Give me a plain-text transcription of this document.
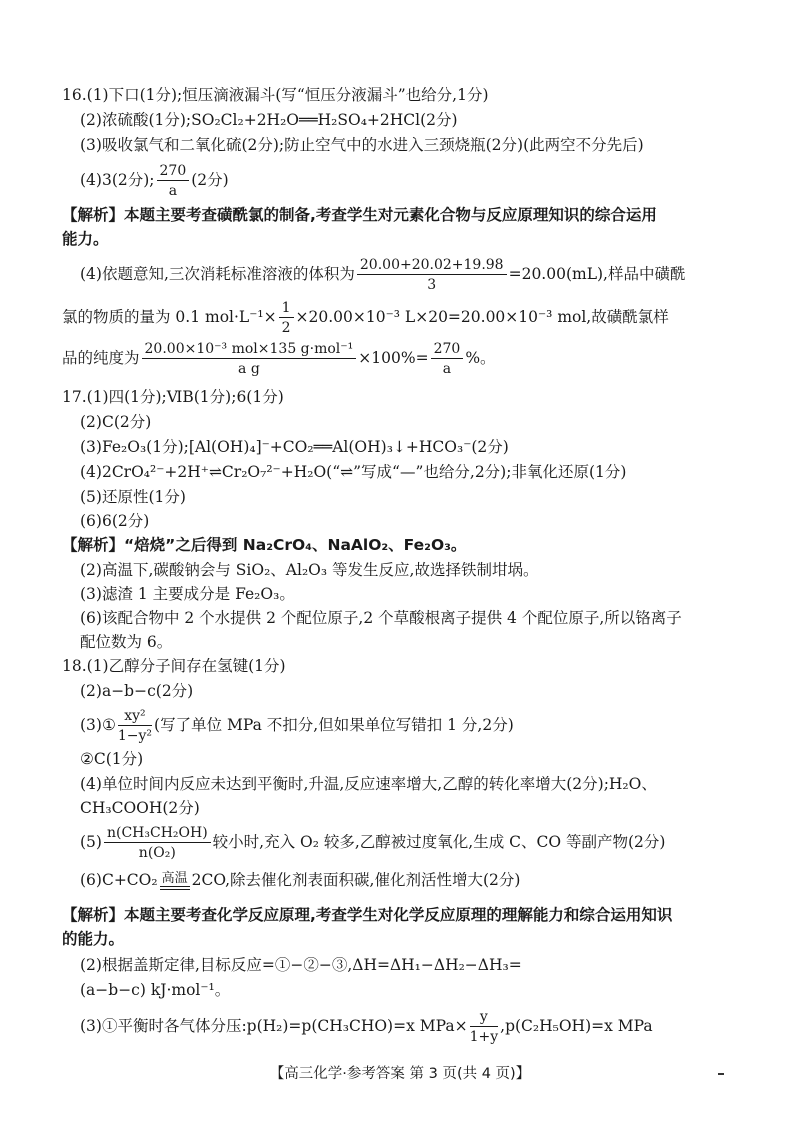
16.(1)下口(1分);恒压滴液漏斗(写“恒压分液漏斗”也给分,1分)
(2)浓硫酸(1分);SO₂Cl₂+2H₂O══H₂SO₄+2HCl(2分)
(3)吸收氯气和二氧化硫(2分);防止空气中的水进入三颈烧瓶(2分)(此两空不分先后)
(4)3(2分); $\frac{270}{a} (2$分)
【解析】本题主要考查磺酰氯的制备,考查学生对元素化合物与反应原理知识的综合运用
能力。
(4)依题意知,三次消耗标准溶液的体积为 $\frac{20.00+20.02+19.98}{3} =20.00(mL)$,样品中磺酰
氯的物质的量为 0.1 $mol\cdot L^{-1}\times \frac{1}{2} \times 20.00\times 10^{-3}$ L×20=20.00×10⁻³ mol,故磺酰氯样
品的纯度为 $\frac{\text{20.00×10⁻³ mol×135 g·mol⁻¹}}{\text{a g}} \times 100\%= \frac{270}{a}$ %。
17.(1)四(1分);ⅥB(1分);6(1分)
(2)C(2分)
(3)Fe₂O₃(1分);[Al(OH)₄]⁻+CO₂══Al(OH)₃↓+HCO₃⁻(2分)
(4)2CrO₄²⁻+2H⁺⇌Cr₂O₇²⁻+H₂O(“⇌”写成“—”也给分,2分);非氧化还原(1分)
(5)还原性(1分)
(6)6(2分)
【解析】“焙烧”之后得到 Na₂CrO₄、NaAlO₂、Fe₂O₃。
(2)高温下,碳酸钠会与 SiO₂、Al₂O₃ 等发生反应,故选择铁制坩埚。
(3)滤渣 1 主要成分是 Fe₂O₃。
(6)该配合物中 2 个水提供 2 个配位原子,2 个草酸根离子提供 4 个配位原子,所以铬离子
配位数为 6。
18.(1)乙醇分子间存在氢键(1分)
(2)a−b−c(2分)
(3)① $\frac{\text{xy²}}{\text{1−y²}}$ (写了单位 MPa 不扣分,但如果单位写错扣 1 分,2分)
②C(1分)
(4)单位时间内反应未达到平衡时,升温,反应速率增大,乙醇的转化率增大(2分);H₂O、
CH₃COOH(2分)
$(5) \frac{\text{n(CH₃CH₂OH)}}{\text{n(O₂)}}$ 较小时,充入 O₂ 较多,乙醇被过度氧化,生成 C、CO 等副产物(2分)
(6)C+CO₂ 高温 2CO,除去催化剂表面积碳,催化剂活性增大(2分)
【解析】本题主要考查化学反应原理,考查学生对化学反应原理的理解能力和综合运用知识
的能力。
(2)根据盖斯定律,目标反应=①−②−③,ΔH=ΔH₁−ΔH₂−ΔH₃=
(a−b−c) kJ·mol⁻¹。
(3)①平衡时各气体分压:p(H₂)=p(CH₃CHO)=x $MPa\times \frac{y}{1+y} ,p(C_2H_5OH)=x$ MPa
【高三化学·参考答案 第 3 页(共 4 页)】
